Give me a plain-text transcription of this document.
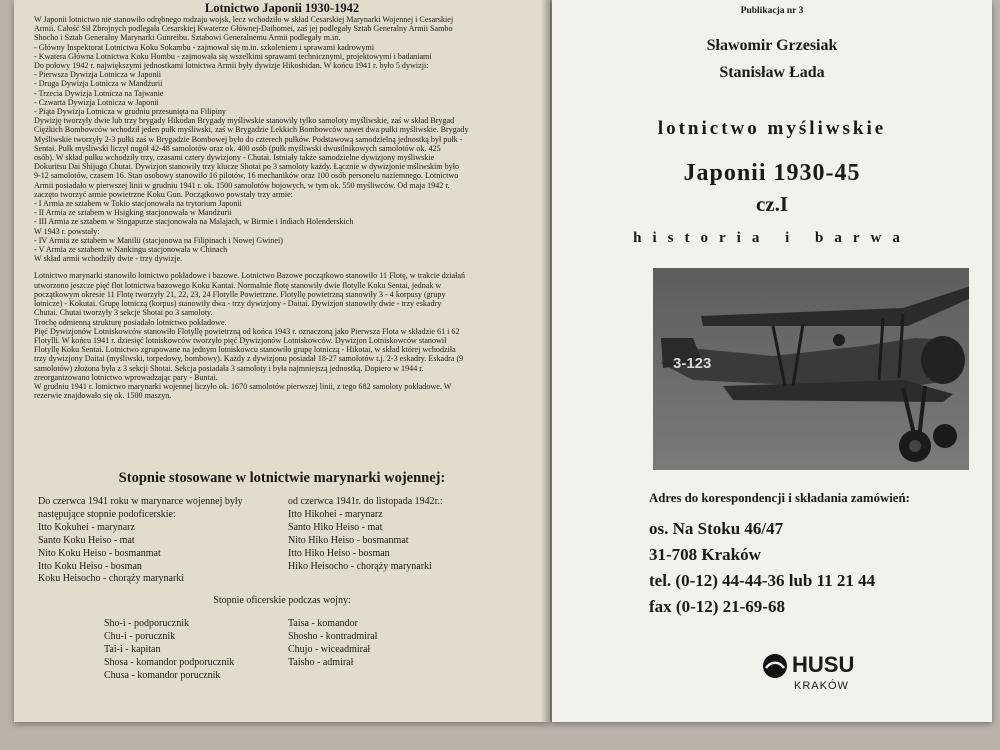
Lotnictwo Japonii 1930-1942

W Japonii lotnictwo nie stanowiło odrębnego rodzaju wojsk, lecz wchodziło w skład Cesarskiej Marynarki Wojennej i Cesarskiej

Armii. Całość Sił Zbrojnych podlegała Cesarskiej Kwaterze Głównej-Daihomei, zaś jej podlegały Sztab Generalny Armii Sambo

Shocho i Sztab Generalny Marynarki Gunreibu. Sztabowi Generalnemu Armii podlegały m.in.

- Główny Inspektorat Lotnictwa Koku Sokambu - zajmował się m.in. szkoleniem i sprawami kadrowymi

- Kwatera Główna Lotnictwa Koku Hombu - zajmowała się wszelkimi sprawami technicznymi, projektowymi i badaniami

Do połowy 1942 r. największymi jednostkami lotnictwa Armii były dywizje Hikoshidan. W końcu 1941 r. było 5 dywizji:

- Pierwsza Dywizja Lotnicza w Japonii

- Druga Dywizja Lotnicza w Mandżurii

- Trzecia Dywizja Lotnicza na Tajwanie

- Czwarta Dywizja Lotnicza w Japonii

- Piąta Dywizja Lotnicza w grudniu przesunięta na Filipiny

Dywizję tworzyły dwie lub trzy brygady Hikodan Brygady myśliwskie stanowiły tylko samoloty myśliwskie, zaś w skład Brygad

Ciężkich Bombowców wchodził jeden pułk myśliwski, zaś w Brygadzie Lekkich Bombowców nawet dwa pułki myśliwskie. Brygady

Myśliwskie tworzyły 2-3 pułki zaś w Brygadzie Bombowej było do czterech pułków. Podstawową samodzielną jednostką był pułk -

Sentai. Pułk myśliwski liczył nogół 42-48 samolotów oraz ok. 400 osób (pułk myśliwski dwusilnikowych samolotów ok. 425

osób). W skład pułku wchodziły trzy, czasami cztery dywizjony - Chutai. Istniały także samodzielne dywizjony myśliwskie

Dokuritsu Dai Shijugo Chutai. Dywizjon stanowiły trzy klucze Shotai po 3 samoloty każdy. Łącznie w dywizjonie mśliwskim było

9-12 samolotów, czasem 16. Stan osobowy stanowiło 16 pilotów, 16 mechaników oraz 100 osób personelu naziemnego. Lotnictwo

Armii posiadało w pierwszej linii w grudniu 1941 r. ok. 1500 samolotów bojowych, w tym ok. 550 myśliwców. Od maja 1942 r.

zaczęto tworzyć armie powietrzne Koku Gun. Początkowo powstały trzy armie:

- I Armia ze sztabem w Tokio stacjonowała na trytorium Japonii

- II Armia ze sztabem w Hsigking stacjonowała w Mandżurii

- III Armia ze sztabem w Singapurze stacjonowała na Malajach, w Birmie i Indiach Holenderskich

W 1943 r. powstały:

- IV Armia ze sztabem w Manilii (stacjonowa na Filipinach i Nowej Gwinei)

- V Armia ze sztabem w Nankingu stacjonowała w Chinach

W skład armii wchodziły dwie - trzy dywizje.

Lotnictwo marynarki stanowiło lotnictwo pokładowe i bazowe. Lotnictwo Bazowe początkowo stanowiło 11 Flotę, w trakcie działań

utworzono jeszcze pięć flot lotnictwa bazowego Koku Kantai. Normalnie flotę stanowiły dwie flotylle Koku Sentai, jednak w

początkowym okresie 11 Flotę tworzyły 21, 22, 23, 24 Flotylle Powietrzne. Flotyllę powietrzną stanowiły 3 - 4 korpusy (grupy

lotnicze) - Kokutai. Grupę lotniczą (korpus) stanowiły dwa - trzy dywizjony - Daitai. Dywizjon stanowiły dwie - trzy eskadry

Chutai. Chutai tworzyły 3 sekcje Shotai po 3 samoloty.

Trochę odmienną strukturę posiadało lotnictwo pokładowe.

Pięć Dywizjonów Lotniskowców stanowiło Flotyllę powietrzną od końca 1943 r. oznaczoną jako Pierwsza Flota w składzie 61 i 62

Flotylli. W końcu 1941 r. dziesięć lotniskowców tworzyło pięć Dywizjonów Lotniskowców. Dywizjon Lotniskowców stanowił

Flotyllę Koku Sentai. Lotnictwo zgrupowane na jednym lotniskowcu stanowiło grupę lotniczą - Hikotai, w skład której wchodziła

trzy dywizjony Daitai (myśliwski, torpedowy, bombowy). Każdy z dywizjonu posiadał 18-27 samolotów t.j. 2-3 eskadry. Eskadra (9

samolotów) złożona była z 3 sekcji Shotai. Sekcja posiadała 3 samoloty i była najmniejszą jednostką. Dopiero w 1944 r.

zreorganizowano lotnictwo wprowadzając pary - Buntai.

W grudniu 1941 r. lotnictwo marynarki wojennej liczyło ok. 1670 samolotów pierwszej linii, z tego 682 samoloty pokładowe. W

rezerwie znajdowało się ok. 1500 maszyn.

Stopnie stosowane w lotnictwie marynarki wojennej:
Do czerwca 1941 roku w marynarce wojennej były
następujące stopnie podoficerskie:
Itto Kokuhei - marynarz
Santo Koku Heiso - mat
Nito Koku Heiso - bosmanmat
Itto Koku Heiso - bosman
Koku Heisocho - chorąży marynarki
od czerwca 1941r. do listopada 1942r.:
Itto Hikohei - marynarz
Santo Hiko Heiso - mat
Nito Hiko Heiso - bosmanmat
Itto Hiko Heiso - bosman
Hiko Heisocho - chorąży marynarki
Stopnie oficerskie podczas wojny:
Sho-i - podporucznik
Chu-i - porucznik
Tai-i - kapitan
Shosa - komandor podporucznik
Chusa - komandor porucznik
Taisa - komandor
Shosho - kontradmirał
Chujo - wiceadmirał
Taisho - admirał
Publikacja nr 3
Sławomir Grzesiak
Stanisław Łada
lotnictwo myśliwskie
Japonii 1930-45
cz.I
historia i barwa
3-123
Adres do korespondencji i składania zamówień:
os. Na Stoku 46/47
31-708 Kraków
tel. (0-12) 44-44-36 lub 11 21 44
fax (0-12) 21-69-68
HUSU
KRAKÓW
